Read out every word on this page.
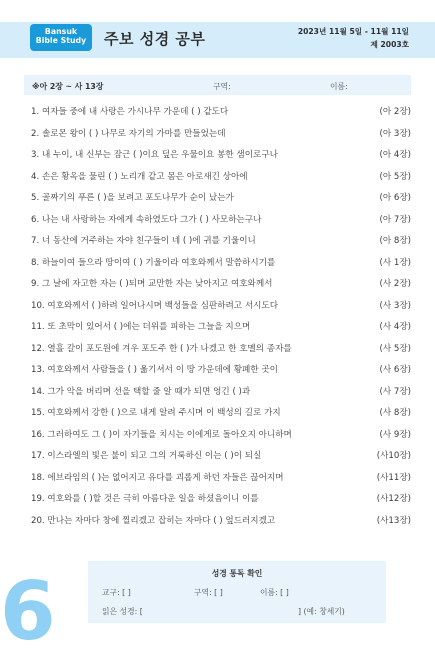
Bansuk
Bible Study	주보 성경 공부	2023년 11월 5일 - 11월 11일
제 2003호
※아 2장 ~ 사 13장	구역:	이름:
1. 여자들 중에 내 사랑은 가시나무 가운데 ( ) 같도다	(아 2장)
2. 솔로몬 왕이 ( ) 나무로 자기의 가마를 만들었는데	(아 3장)
3. 내 누이, 내 신부는 잠근 ( )이요 덮은 우물이요 봉한 샘이로구나	(아 4장)
4. 손은 황옥을 물린 ( ) 노리개 같고 몸은 아로새긴 상아에	(아 5장)
5. 골짜기의 푸른 ( )을 보려고 포도나무가 순이 났는가	(아 6장)
6. 나는 내 사랑하는 자에게 속하였도다 그가 ( ) 사모하는구나	(아 7장)
7. 너 동산에 거주하는 자야 친구들이 네 ( )에 귀를 기울이니	(아 8장)
8. 하늘이여 들으라 땅이여 ( ) 기울이라 여호와께서 말씀하시기를	(사 1장)
9. 그 날에 자고한 자는 ( )되며 교만한 자는 낮아지고 여호와께서	(사 2장)
10. 여호와께서 ( )하려 일어나시며 백성들을 심판하려고 서시도다	(사 3장)
11. 또 초막이 있어서 ( )에는 더위를 피하는 그늘을 지으며	(사 4장)
12. 열흘 갈이 포도원에 겨우 포도주 한 ( )가 나겠고 한 호멜의 종자를	(사 5장)
13. 여호와께서 사람들을 ( ) 옮기셔서 이 땅 가운데에 황폐한 곳이	(사 6장)
14. 그가 악을 버리며 선을 택할 줄 알 때가 되면 엉긴 ( )과	(사 7장)
15. 여호와께서 강한 ( )으로 내게 알려 주시며 이 백성의 길로 가지	(사 8장)
16. 그러하여도 그 ( )이 자기들을 치시는 이에게로 돌아오지 아니하며	(사 9장)
17. 이스라엘의 빛은 불이 되고 그의 거룩하신 이는 ( )이 되실	(사10장)
18. 에브라임의 ( )는 없어지고 유다를 괴롭게 하던 자들은 끊어지며	(사11장)
19. 여호와를 ( )할 것은 극히 아름다운 일을 하셨음이니 이를	(사12장)
20. 만나는 자마다 창에 찔리겠고 잡히는 자마다 ( ) 엎드러지겠고	(사13장)
6	성경 통독 확인
교구: [ ]	구역: [ ]	이름: [ ]
읽은 성경: [	] (예: 창세기)
